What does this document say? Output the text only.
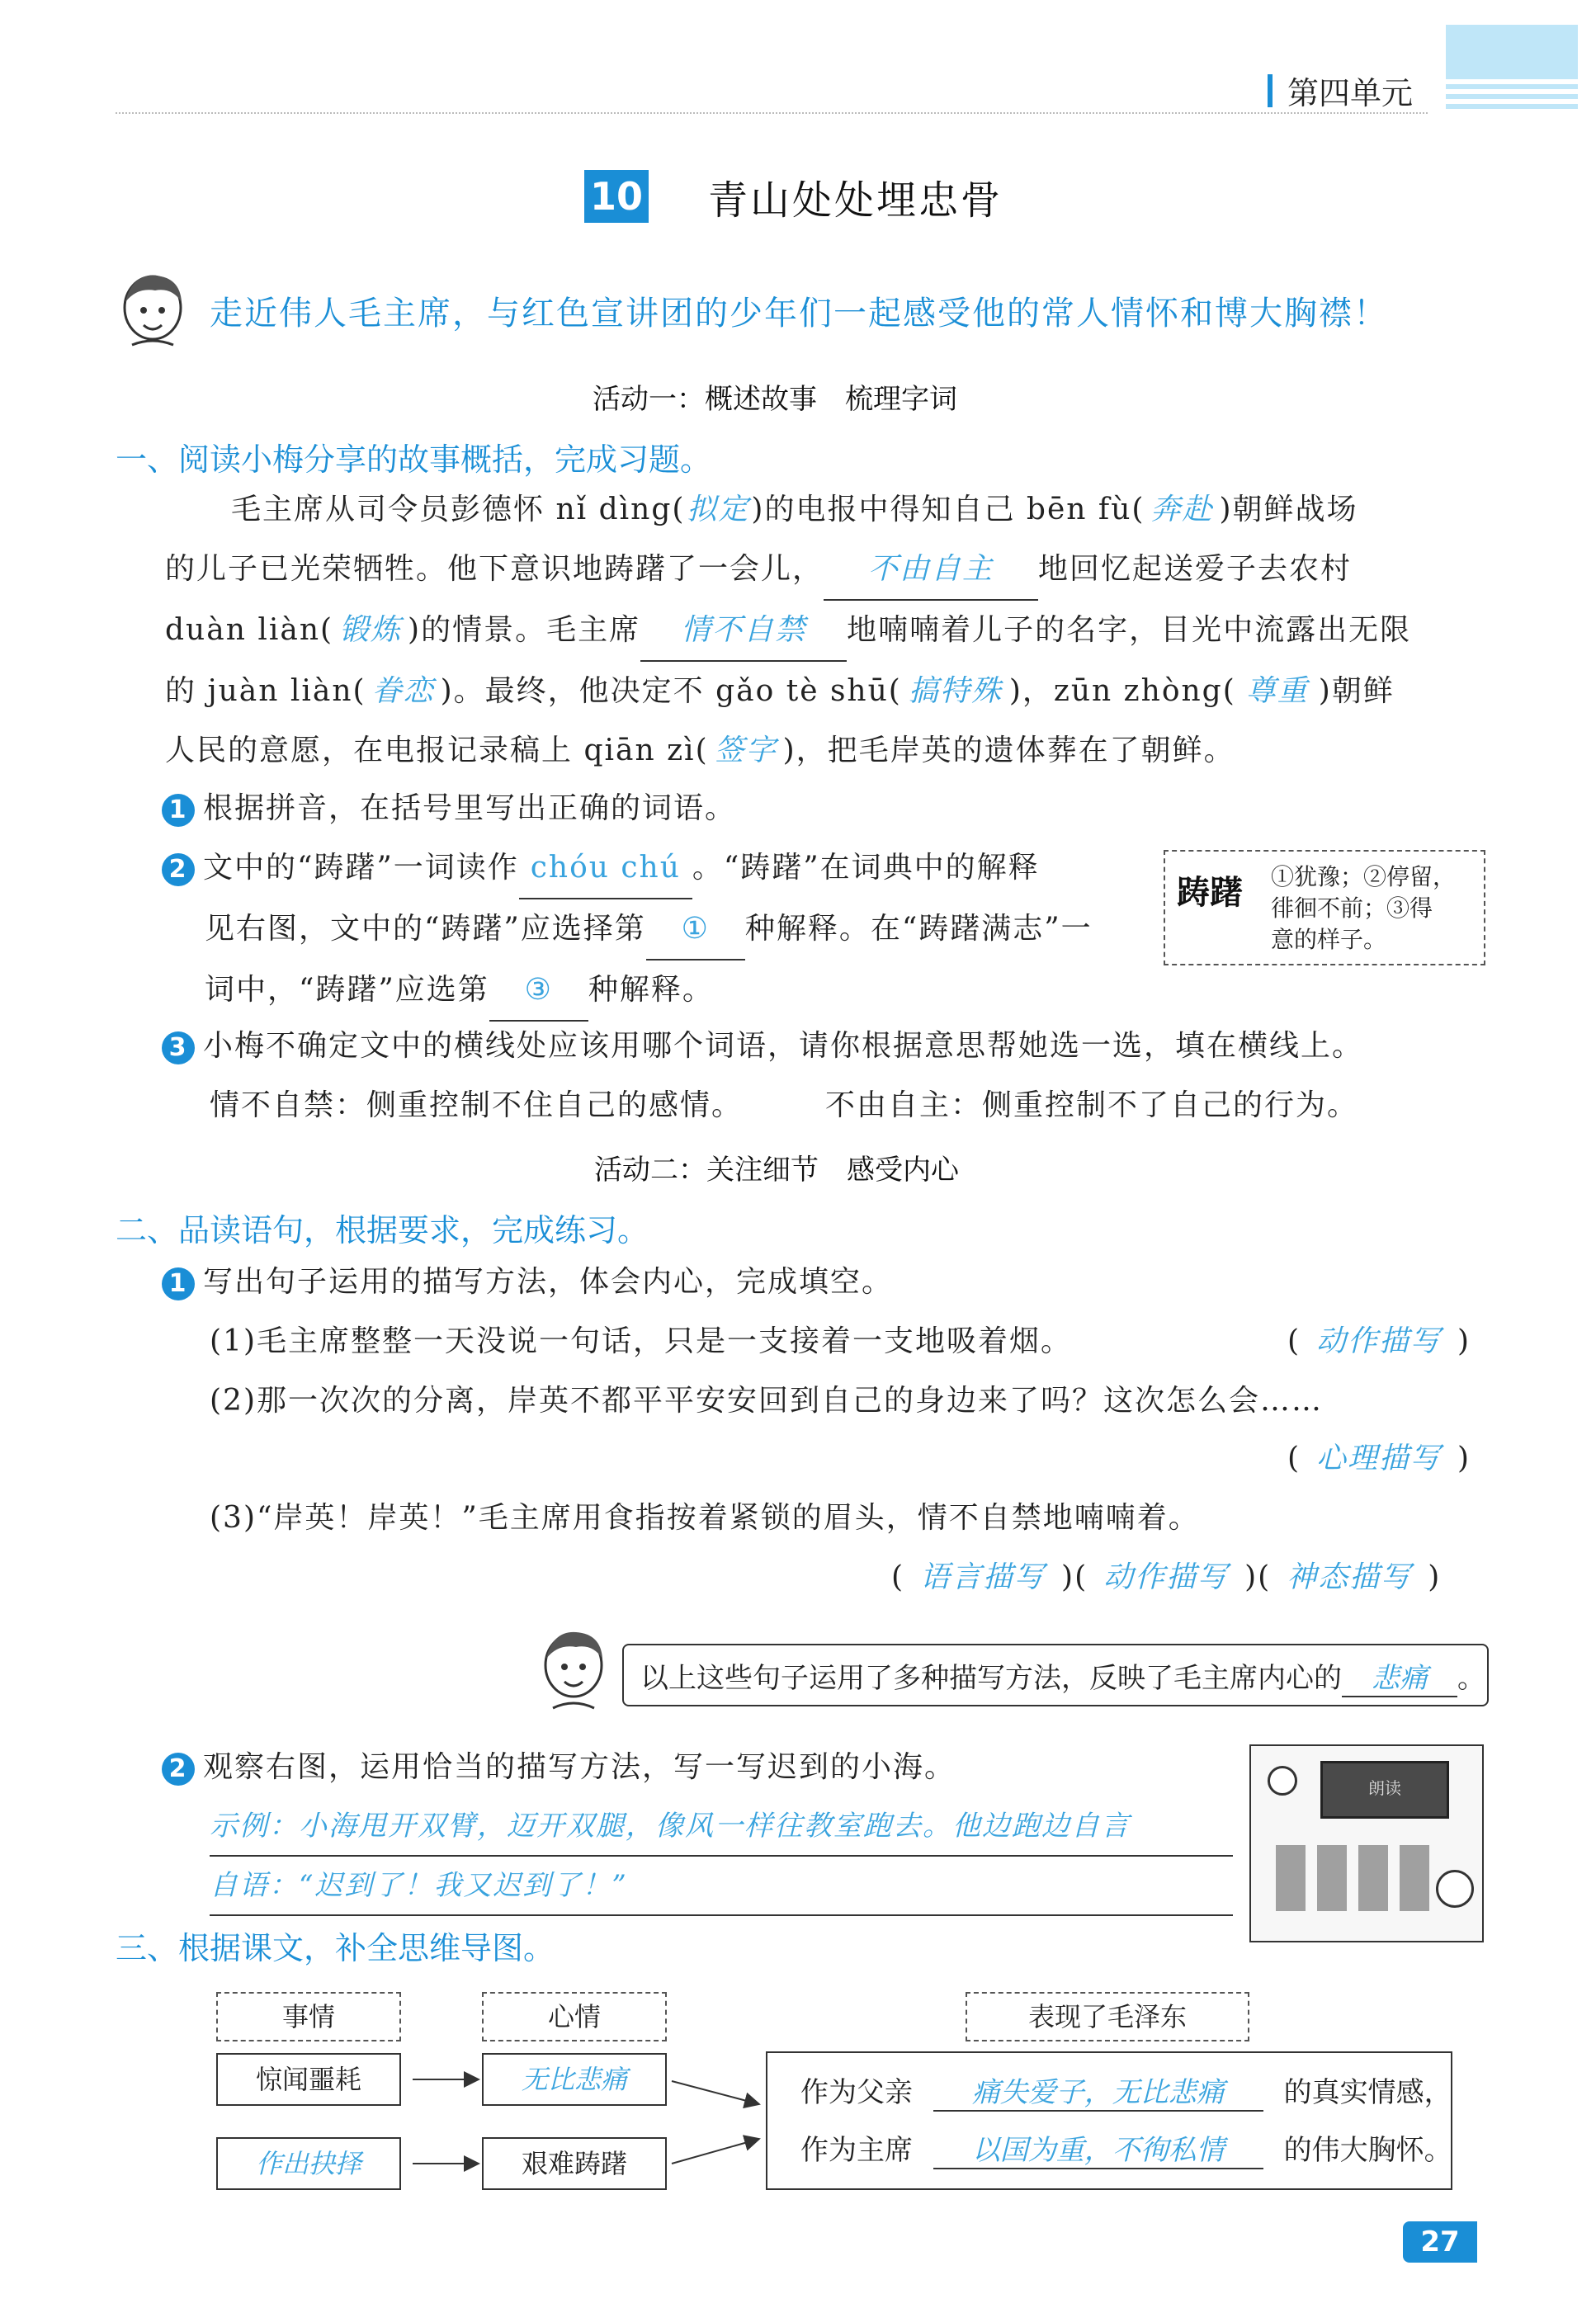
第四单元
10 青山处处埋忠骨
走近伟人毛主席，与红色宣讲团的少年们一起感受他的常人情怀和博大胸襟！
活动一：概述故事　梳理字词
一、阅读小梅分享的故事概括，完成习题。
毛主席从司令员彭德怀 nǐ dìng(拟定)的电报中得知自己 bēn fù( 奔赴 )朝鲜战场
的儿子已光荣牺牲。他下意识地踌躇了一会儿， 不由自主 地回忆起送爱子去农村
duàn liàn( 锻炼 )的情景。毛主席 情不自禁 地喃喃着儿子的名字，目光中流露出无限
的 juàn liàn( 眷恋 )。最终，他决定不 gǎo tè shū( 搞特殊 )，zūn zhòng( 尊重 )朝鲜
人民的意愿，在电报记录稿上 qiān zì( 签字 )，把毛岸英的遗体葬在了朝鲜。
1 根据拼音，在括号里写出正确的词语。
2 文中的“踌躇”一词读作 chóu chú 。“踌躇”在词典中的解释
见右图，文中的“踌躇”应选择第 ① 种解释。在“踌躇满志”一
词中，“踌躇”应选第 ③ 种解释。
踌躇 ①犹豫；②停留，
徘徊不前；③得
意的样子。
3 小梅不确定文中的横线处应该用哪个词语，请你根据意思帮她选一选，填在横线上。
情不自禁：侧重控制不住自己的感情。	不由自主：侧重控制不了自己的行为。
活动二：关注细节　感受内心
二、品读语句，根据要求，完成练习。
1 写出句子运用的描写方法，体会内心，完成填空。
(1)毛主席整整一天没说一句话，只是一支接着一支地吸着烟。	( 动作描写 )
(2)那一次次的分离，岸英不都平平安安回到自己的身边来了吗？这次怎么会……
( 心理描写 )
(3)“岸英！岸英！”毛主席用食指按着紧锁的眉头，情不自禁地喃喃着。
( 语言描写 )( 动作描写 )( 神态描写 )
以上这些句子运用了多种描写方法，反映了毛主席内心的 悲痛 。
2 观察右图，运用恰当的描写方法，写一写迟到的小海。
示例：小海甩开双臂，迈开双腿，像风一样往教室跑去。他边跑边自言
自语：“迟到了！我又迟到了！”
朗读
三、根据课文，补全思维导图。
事情	心情	表现了毛泽东
惊闻噩耗
作出抉择
无比悲痛
艰难踌躇
作为父亲 痛失爱子，无比悲痛 的真实情感，
作为主席 以国为重，不徇私情 的伟大胸怀。
27
